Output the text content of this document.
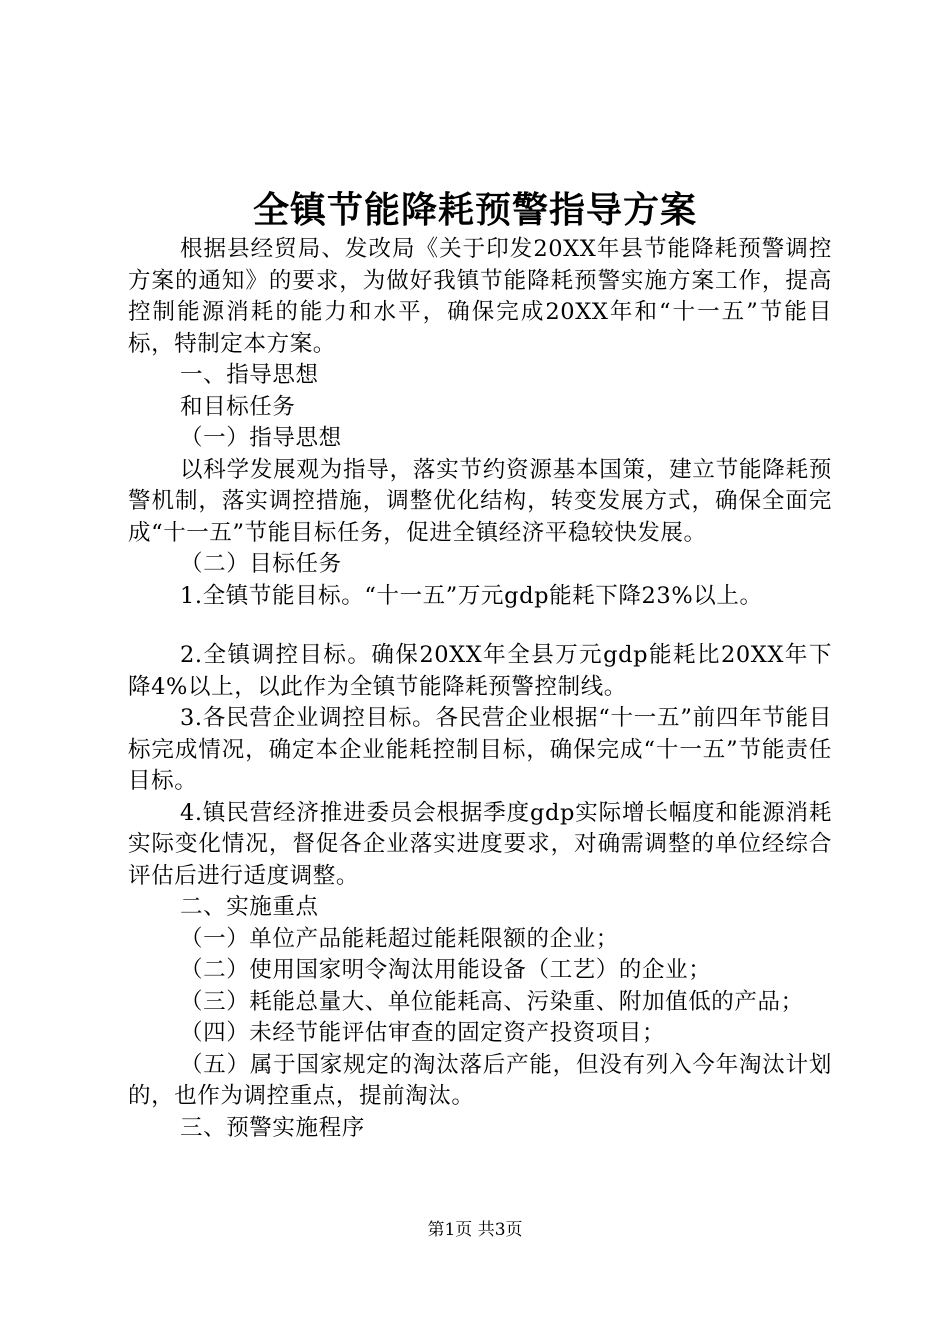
全镇节能降耗预警指导方案

根据县经贸局、发改局《关于印发20XX年县节能降耗预警调控方案的通知》的要求，为做好我镇节能降耗预警实施方案工作，提高控制能源消耗的能力和水平，确保完成20XX年和“十一五”节能目标，特制定本方案。

一、指导思想

和目标任务

（一）指导思想

以科学发展观为指导，落实节约资源基本国策，建立节能降耗预警机制，落实调控措施，调整优化结构，转变发展方式，确保全面完成“十一五”节能目标任务，促进全镇经济平稳较快发展。

（二）目标任务

1.全镇节能目标。“十一五”万元gdp能耗下降23%以上。

2.全镇调控目标。确保20XX年全县万元gdp能耗比20XX年下降4%以上，以此作为全镇节能降耗预警控制线。

3.各民营企业调控目标。各民营企业根据“十一五”前四年节能目标完成情况，确定本企业能耗控制目标，确保完成“十一五”节能责任目标。

4.镇民营经济推进委员会根据季度gdp实际增长幅度和能源消耗实际变化情况，督促各企业落实进度要求，对确需调整的单位经综合评估后进行适度调整。

二、实施重点

（一）单位产品能耗超过能耗限额的企业；

（二）使用国家明令淘汰用能设备（工艺）的企业；

（三）耗能总量大、单位能耗高、污染重、附加值低的产品；

（四）未经节能评估审查的固定资产投资项目；

（五）属于国家规定的淘汰落后产能，但没有列入今年淘汰计划的，也作为调控重点，提前淘汰。

三、预警实施程序

第1页 共3页
